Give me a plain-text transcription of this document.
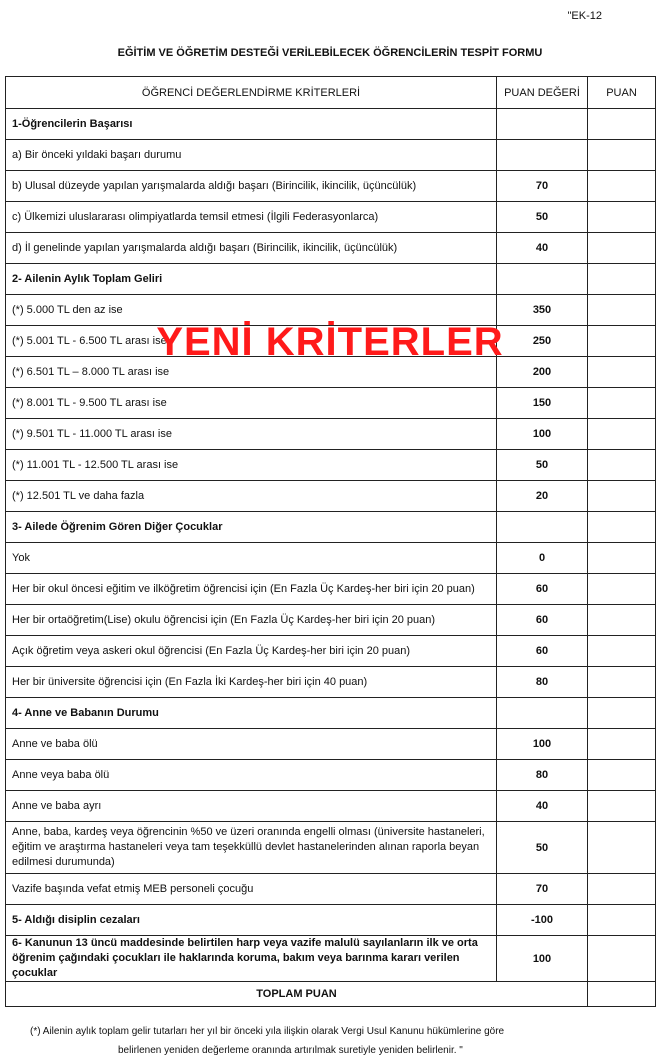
"EK-12
EĞİTİM VE ÖĞRETİM DESTEĞİ VERİLEBİLECEK ÖĞRENCİLERİN TESPİT FORMU
ÖĞRENCİ DEĞERLENDİRME KRİTERLERİ	PUAN DEĞERİ	PUAN
1-Öğrencilerin Başarısı		
a) Bir önceki yıldaki başarı durumu		
b) Ulusal düzeyde yapılan yarışmalarda aldığı başarı (Birincilik, ikincilik, üçüncülük)	70	
c) Ülkemizi uluslararası olimpiyatlarda temsil etmesi (İlgili Federasyonlarca)	50	
d) İl genelinde yapılan yarışmalarda aldığı başarı (Birincilik, ikincilik, üçüncülük)	40	
2- Ailenin Aylık Toplam Geliri		
(*) 5.000 TL den az ise	350	
(*) 5.001 TL - 6.500 TL arası ise	250	
(*) 6.501 TL – 8.000 TL arası ise	200	
(*) 8.001 TL - 9.500 TL arası ise	150	
(*) 9.501 TL - 11.000 TL arası ise	100	
(*) 11.001 TL - 12.500 TL arası ise	50	
(*) 12.501 TL ve daha fazla	20	
3- Ailede Öğrenim Gören Diğer Çocuklar		
Yok	0	
Her bir okul öncesi eğitim ve ilköğretim öğrencisi için (En Fazla Üç Kardeş-her biri için 20 puan)	60	
Her bir ortaöğretim(Lise) okulu öğrencisi için (En Fazla Üç Kardeş-her biri için 20 puan)	60	
Açık öğretim veya askeri okul öğrencisi (En Fazla Üç Kardeş-her biri için 20 puan)	60	
Her bir üniversite öğrencisi için (En Fazla İki Kardeş-her biri için 40 puan)	80	
4- Anne ve Babanın Durumu		
Anne ve baba ölü	100	
Anne veya baba ölü	80	
Anne ve baba ayrı	40	
Anne, baba, kardeş veya öğrencinin %50 ve üzeri oranında engelli olması (üniversite hastaneleri, eğitim ve araştırma hastaneleri veya tam teşekküllü devlet hastanelerinden alınan raporla beyan edilmesi durumunda)	50	
Vazife başında vefat etmiş MEB personeli çocuğu	70	
5- Aldığı disiplin cezaları	-100	
6- Kanunun 13 üncü maddesinde belirtilen harp veya vazife malulü sayılanların ilk ve orta öğrenim çağındaki çocukları ile haklarında koruma, bakım veya barınma kararı verilen çocuklar	100	
TOPLAM PUAN		
YENİ KRİTERLER
(*) Ailenin aylık toplam gelir tutarları her yıl bir önceki yıla ilişkin olarak Vergi Usul Kanunu hükümlerine göre
belirlenen yeniden değerleme oranında artırılmak suretiyle yeniden belirlenir. "
